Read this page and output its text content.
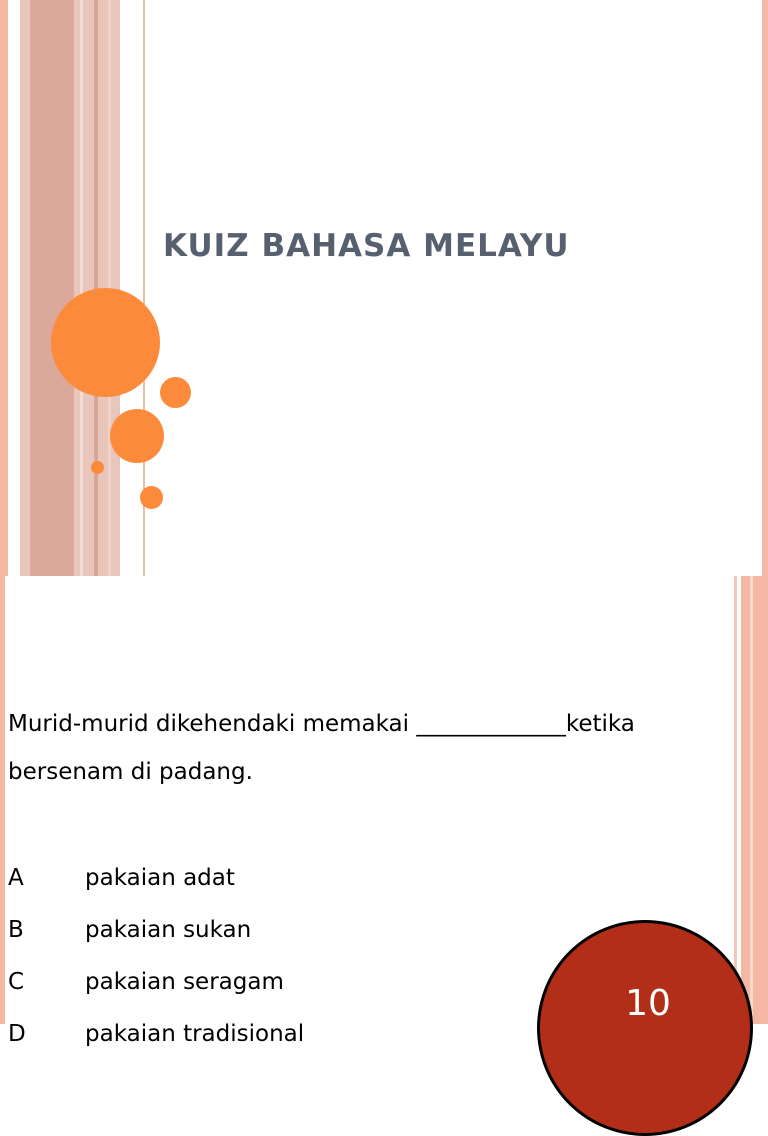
KUIZ BAHASA MELAYU
Murid-murid dikehendaki memakai _____________ketika bersenam di padang.
A	pakaian adat
B	pakaian sukan
C	pakaian seragam
D	pakaian tradisional
10
